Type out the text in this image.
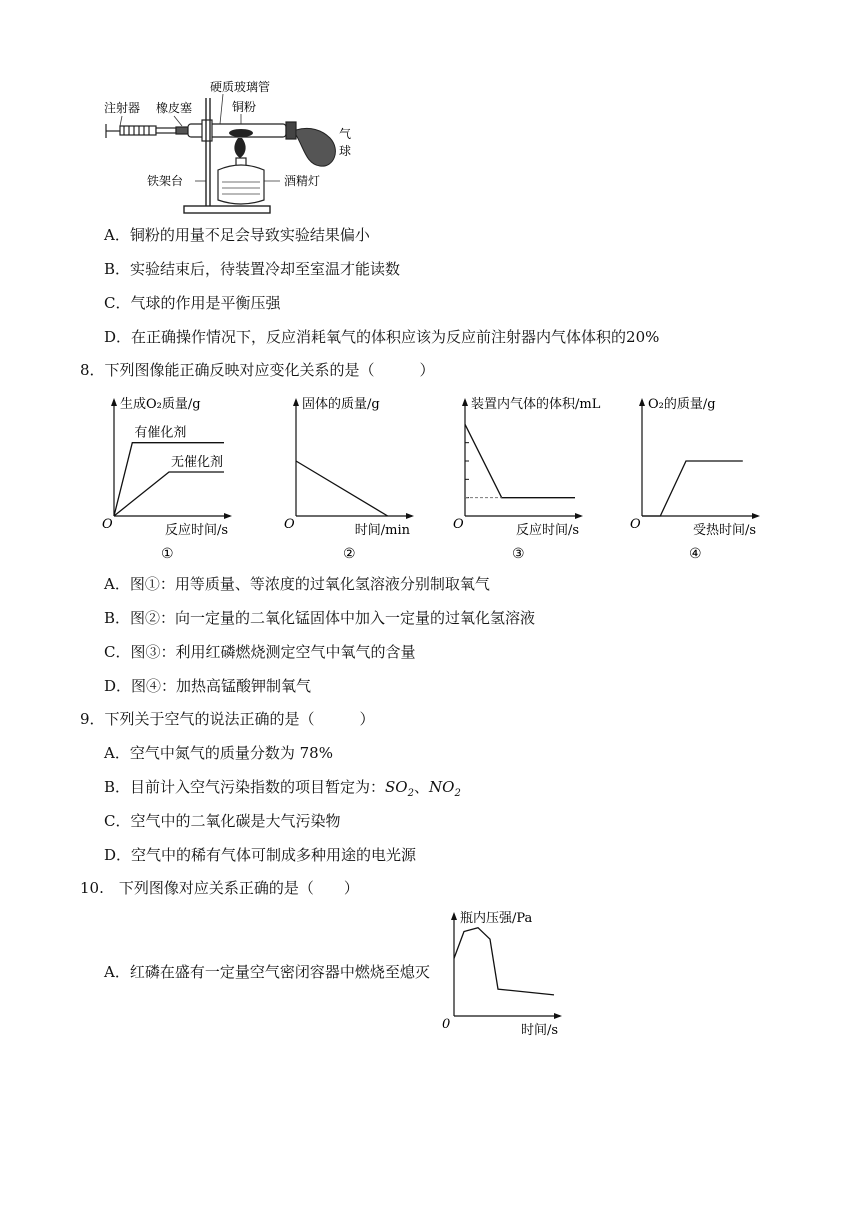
注射器 橡皮塞
硬质玻璃管
铜粉
气
球
铁架台	酒精灯
A．铜粉的用量不足会导致实验结果偏小
B．实验结束后，待装置冷却至室温才能读数
C．气球的作用是平衡压强
D．在正确操作情况下，反应消耗氧气的体积应该为反应前注射器内气体体积的20%
8．下列图像能正确反映对应变化关系的是（　　　）
生成O₂质量/g
反应时间/s
O
①
有催化剂
无催化剂
固体的质量/g
时间/min
O
②
装置内气体的体积/mL
反应时间/s
O
③
O₂的质量/g
受热时间/s
O
④
A．图①：用等质量、等浓度的过氧化氢溶液分别制取氧气
B．图②：向一定量的二氧化锰固体中加入一定量的过氧化氢溶液
C．图③：利用红磷燃烧测定空气中氧气的含量
D．图④：加热高锰酸钾制氧气
9．下列关于空气的说法正确的是（　　　）
A．空气中氮气的质量分数为 78%
B．目前计入空气污染指数的项目暂定为：$SO_2$、$NO_2$
C．空气中的二氧化碳是大气污染物
D．空气中的稀有气体可制成多种用途的电光源
10.　下列图像对应关系正确的是（　　）
A．红磷在盛有一定量空气密闭容器中燃烧至熄灭
瓶内压强/Pa
时间/s
0
